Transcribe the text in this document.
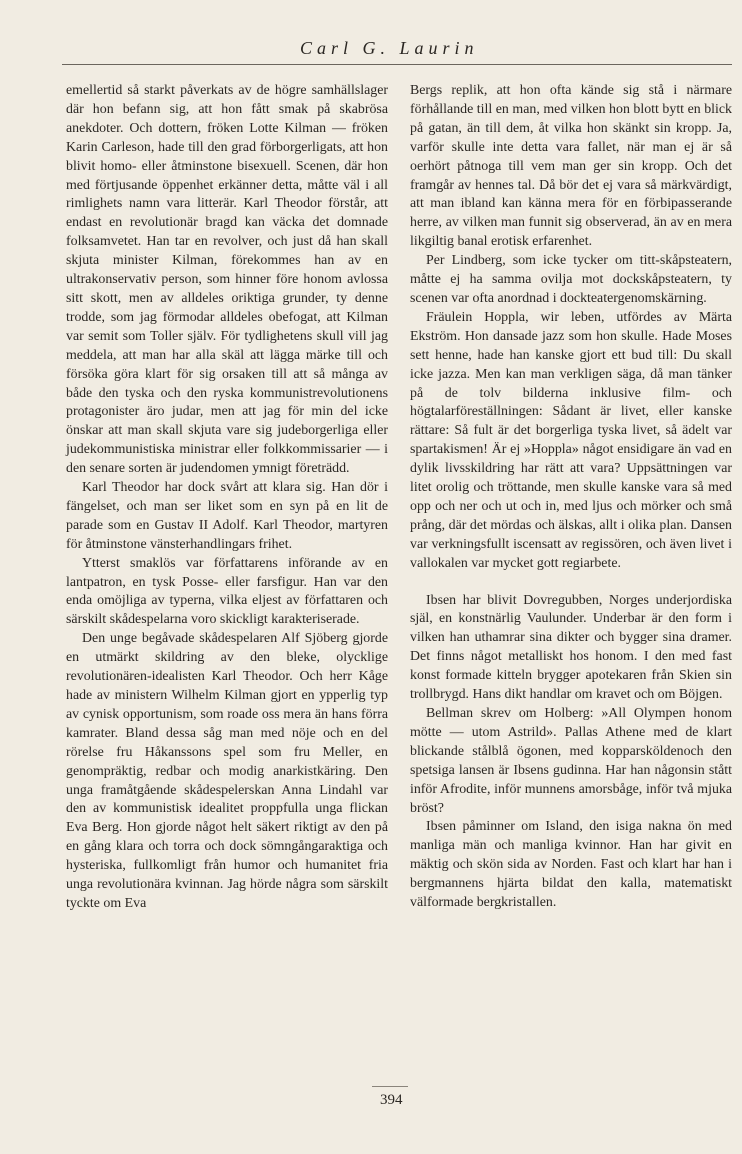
Carl G. Laurin

emellertid så starkt påverkats av de högre samhällslager där hon befann sig, att hon fått smak på skabrösa anekdoter. Och dottern, fröken Lotte Kilman — fröken Karin Carleson, hade till den grad förborgerligats, att hon blivit homo- eller åtminstone bisexuell. Scenen, där hon med förtjusande öppenhet erkänner detta, måtte väl i all rimlighets namn vara litterär. Karl Theodor förstår, att endast en revolutionär bragd kan väcka det domnade folksamvetet. Han tar en revolver, och just då han skall skjuta minister Kilman, förekommes han av en ultrakonservativ person, som hinner före honom avlossa sitt skott, men av alldeles oriktiga grunder, ty denne trodde, som jag förmodar alldeles obefogat, att Kilman var semit som Toller själv. För tydlighetens skull vill jag meddela, att man har alla skäl att lägga märke till och försöka göra klart för sig orsaken till att så många av både den tyska och den ryska kommunistrevolutionens protagonister äro judar, men att jag för min del icke önskar att man skall skjuta vare sig judeborgerliga eller judekommunistiska ministrar eller folkkommissarier — i den senare sorten är judendomen ymnigt företrädd.

Karl Theodor har dock svårt att klara sig. Han dör i fängelset, och man ser liket som en syn på en lit de parade som en Gustav II Adolf. Karl Theodor, martyren för åtminstone vänsterhandlingars frihet.

Ytterst smaklös var författarens införande av en lantpatron, en tysk Posse- eller farsfigur. Han var den enda omöjliga av typerna, vilka eljest av författaren och särskilt skådespelarna voro skickligt karakteriserade.

Den unge begåvade skådespelaren Alf Sjöberg gjorde en utmärkt skildring av den bleke, olycklige revolutionären-idealisten Karl Theodor. Och herr Kåge hade av ministern Wilhelm Kilman gjort en ypperlig typ av cynisk opportunism, som roade oss mera än hans förra kamrater. Bland dessa såg man med nöje och en del rörelse fru Håkanssons spel som fru Meller, en genompräktig, redbar och modig anarkistkäring. Den unga framåtgående skådespelerskan Anna Lindahl var den av kommunistisk idealitet proppfulla unga flickan Eva Berg. Hon gjorde något helt säkert riktigt av den på en gång klara och torra och dock sömngångaraktiga och hysteriska, fullkomligt från humor och humanitet fria unga revolutionära kvinnan. Jag hörde några som särskilt tyckte om Eva

Bergs replik, att hon ofta kände sig stå i närmare förhållande till en man, med vilken hon blott bytt en blick på gatan, än till dem, åt vilka hon skänkt sin kropp. Ja, varför skulle inte detta vara fallet, när man ej är så oerhört påtnoga till vem man ger sin kropp. Och det framgår av hennes tal. Då bör det ej vara så märkvärdigt, att man ibland kan känna mera för en förbipasserande herre, av vilken man funnit sig observerad, än av en mera likgiltig banal erotisk erfarenhet.

Per Lindberg, som icke tycker om titt-skåpsteatern, måtte ej ha samma ovilja mot dockskåpsteatern, ty scenen var ofta anordnad i dockteatergenomskärning.

Fräulein Hoppla, wir leben, utfördes av Märta Ekström. Hon dansade jazz som hon skulle. Hade Moses sett henne, hade han kanske gjort ett bud till: Du skall icke jazza. Men kan man verkligen säga, då man tänker på de tolv bilderna inklusive film- och högtalarföreställningen: Sådant är livet, eller kanske rättare: Så fult är det borgerliga tyska livet, så ädelt var spartakismen! Är ej »Hoppla» något ensidigare än vad en dylik livsskildring har rätt att vara? Uppsättningen var litet orolig och tröttande, men skulle kanske vara så med opp och ner och ut och in, med ljus och mörker och små prång, där det mördas och älskas, allt i olika plan. Dansen var verkningsfullt iscensatt av regissören, och även livet i vallokalen var mycket gott regiarbete.

Ibsen har blivit Dovregubben, Norges underjordiska själ, en konstnärlig Vaulunder. Underbar är den form i vilken han uthamrar sina dikter och bygger sina dramer. Det finns något metalliskt hos honom. I den med fast konst formade kitteln brygger apotekaren från Skien sin trollbrygd. Hans dikt handlar om kravet och om Böjgen.

Bellman skrev om Holberg: »All Olympen honom mötte — utom Astrild». Pallas Athene med de klart blickande stålblå ögonen, med kopparsköldenoch den spetsiga lansen är Ibsens gudinna. Har han någonsin stått inför Afrodite, inför munnens amorsbåge, inför två mjuka bröst?

Ibsen påminner om Island, den isiga nakna ön med manliga män och manliga kvinnor. Han har givit en mäktig och skön sida av Norden. Fast och klart har han i bergmannens hjärta bildat den kalla, matematiskt välformade bergkristallen.

394
